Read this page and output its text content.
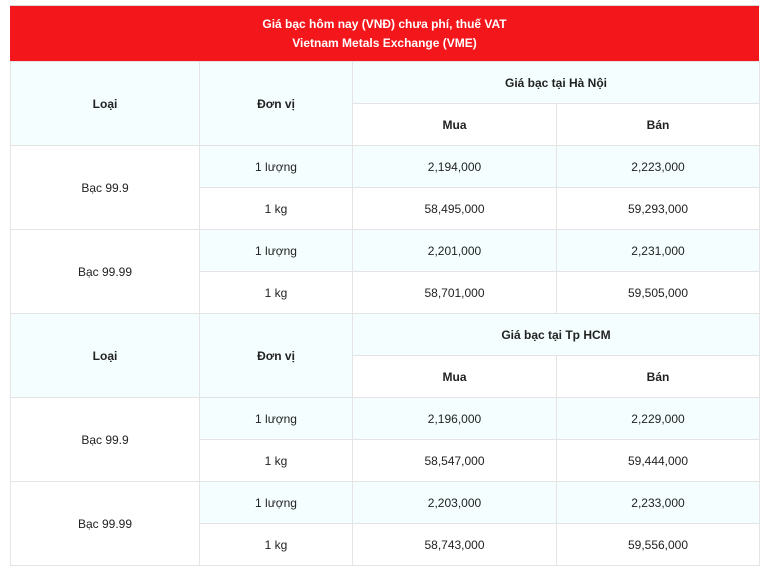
Giá bạc hôm nay (VNĐ) chưa phí, thuế VAT
Vietnam Metals Exchange (VME)
Loại	Đơn vị	Giá bạc tại Hà Nội	
		Mua	Bán
Bạc 99.9	1 lượng	2,194,000	2,223,000
	1 kg	58,495,000	59,293,000
Bạc 99.99	1 lượng	2,201,000	2,231,000
	1 kg	58,701,000	59,505,000
Loại	Đơn vị	Giá bạc tại Tp HCM	
		Mua	Bán
Bạc 99.9	1 lượng	2,196,000	2,229,000
	1 kg	58,547,000	59,444,000
Bạc 99.99	1 lượng	2,203,000	2,233,000
	1 kg	58,743,000	59,556,000
